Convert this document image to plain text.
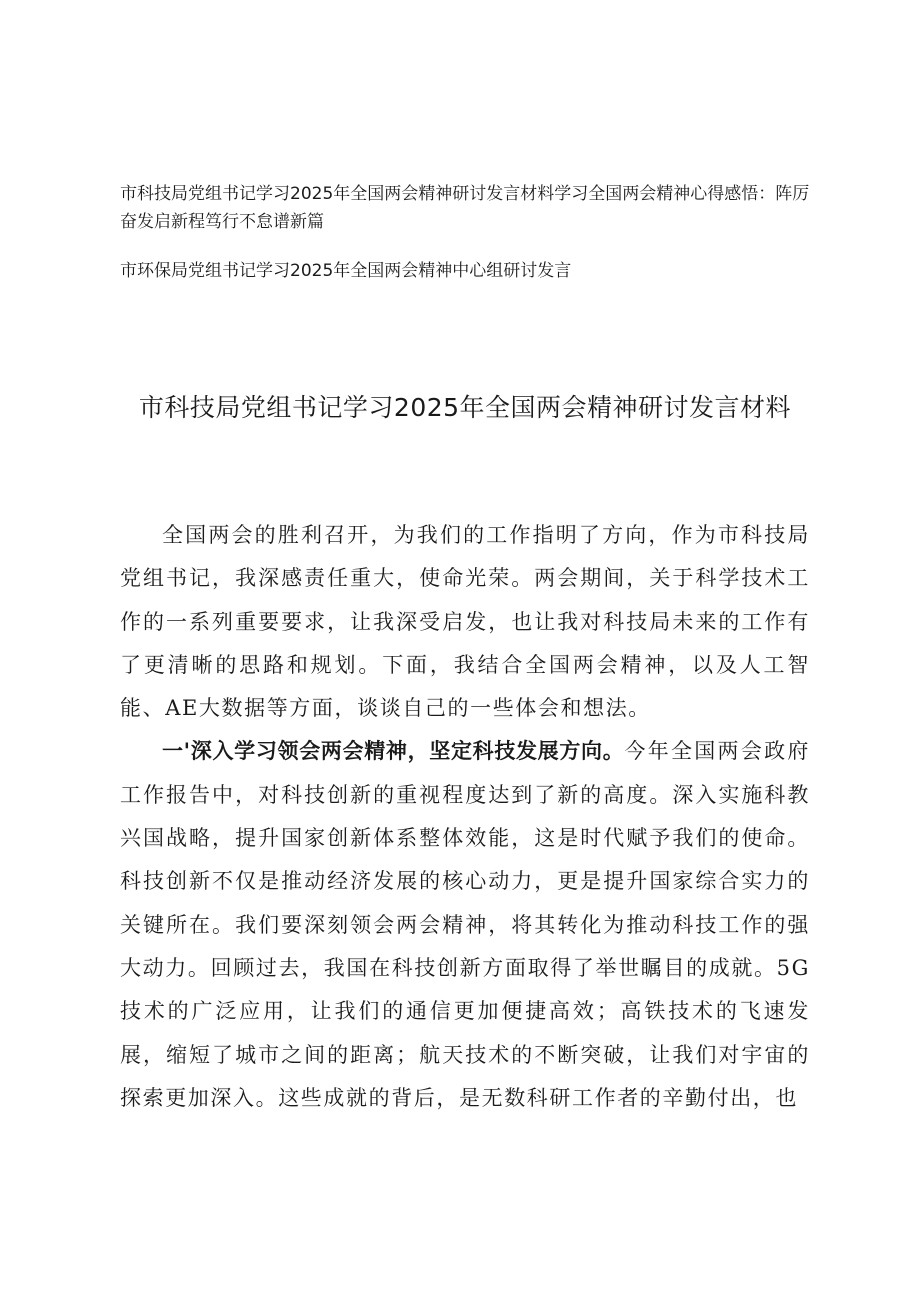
市科技局党组书记学习2025年全国两会精神研讨发言材料学习全国两会精神心得感悟：阵厉奋发启新程笃行不怠谱新篇
市环保局党组书记学习2025年全国两会精神中心组研讨发言
市科技局党组书记学习2025年全国两会精神研讨发言材料

全国两会的胜利召开，为我们的工作指明了方向，作为市科技局党组书记，我深感责任重大，使命光荣。两会期间，关于科学技术工作的一系列重要要求，让我深受启发，也让我对科技局未来的工作有了更清晰的思路和规划。下面，我结合全国两会精神，以及人工智能、AE大数据等方面，谈谈自己的一些体会和想法。

一'深入学习领会两会精神，坚定科技发展方向。今年全国两会政府工作报告中，对科技创新的重视程度达到了新的高度。深入实施科教兴国战略，提升国家创新体系整体效能，这是时代赋予我们的使命。科技创新不仅是推动经济发展的核心动力，更是提升国家综合实力的关键所在。我们要深刻领会两会精神，将其转化为推动科技工作的强大动力。回顾过去，我国在科技创新方面取得了举世瞩目的成就。5G技术的广泛应用，让我们的通信更加便捷高效；高铁技术的飞速发展，缩短了城市之间的距离；航天技术的不断突破，让我们对宇宙的探索更加深入。这些成就的背后，是无数科研工作者的辛勤付出，也
